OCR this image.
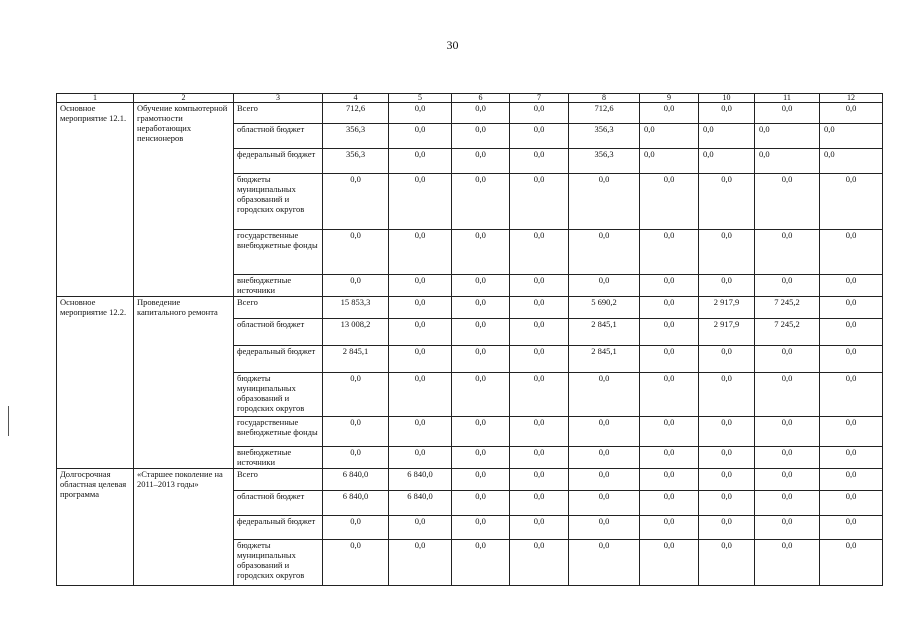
30
1	2	3	4	5	6	7	8	9	10	11	12
Основное мероприятие 12.1.	Обучение компьютерной грамотности неработающих пенсионеров	Всего	712,6	0,0	0,0	0,0	712,6	0,0	0,0	0,0	0,0
		областной бюджет	356,3	0,0	0,0	0,0	356,3	0,0	0,0	0,0	0,0
		федеральный бюджет	356,3	0,0	0,0	0,0	356,3	0,0	0,0	0,0	0,0
		бюджеты муниципальных образований и городских округов	0,0	0,0	0,0	0,0	0,0	0,0	0,0	0,0	0,0
		государственные внебюджетные фонды	0,0	0,0	0,0	0,0	0,0	0,0	0,0	0,0	0,0
		внебюджетные источники	0,0	0,0	0,0	0,0	0,0	0,0	0,0	0,0	0,0
Основное мероприятие 12.2.	Проведение капитального ремонта	Всего	15 853,3	0,0	0,0	0,0	5 690,2	0,0	2 917,9	7 245,2	0,0
		областной бюджет	13 008,2	0,0	0,0	0,0	2 845,1	0,0	2 917,9	7 245,2	0,0
		федеральный бюджет	2 845,1	0,0	0,0	0,0	2 845,1	0,0	0,0	0,0	0,0
		бюджеты муниципальных образований и городских округов	0,0	0,0	0,0	0,0	0,0	0,0	0,0	0,0	0,0
		государственные внебюджетные фонды	0,0	0,0	0,0	0,0	0,0	0,0	0,0	0,0	0,0
		внебюджетные источники	0,0	0,0	0,0	0,0	0,0	0,0	0,0	0,0	0,0
Долгосрочная областная целевая программа	«Старшее поколение на 2011–2013 годы»	Всего	6 840,0	6 840,0	0,0	0,0	0,0	0,0	0,0	0,0	0,0
		областной бюджет	6 840,0	6 840,0	0,0	0,0	0,0	0,0	0,0	0,0	0,0
		федеральный бюджет	0,0	0,0	0,0	0,0	0,0	0,0	0,0	0,0	0,0
		бюджеты муниципальных образований и городских округов	0,0	0,0	0,0	0,0	0,0	0,0	0,0	0,0	0,0
